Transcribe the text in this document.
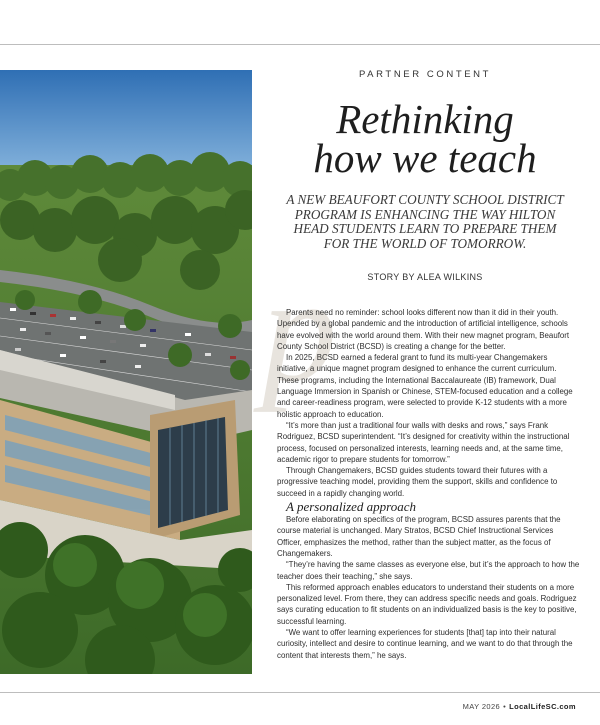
PARTNER CONTENT
Rethinking
how we teach
A NEW BEAUFORT COUNTY SCHOOL DISTRICT PROGRAM IS ENHANCING THE WAY HILTON HEAD STUDENTS LEARN TO PREPARE THEM FOR THE WORLD OF TOMORROW.
STORY BY ALEA WILKINS
p

Parents need no reminder: school looks different now than it did in their youth. Upended by a global pandemic and the introduction of artificial intelligence, schools have evolved with the world around them. With their new magnet program, Beaufort County School District (BCSD) is creating a change for the better.

In 2025, BCSD earned a federal grant to fund its multi-year Changemakers initiative, a unique magnet program designed to enhance the current curriculum. These programs, including the International Baccalaureate (IB) framework, Dual Language Immersion in Spanish or Chinese, STEM-focused education and a college and career-readiness program, were selected to provide K-12 students with a more holistic approach to education.

“It’s more than just a traditional four walls with desks and rows,” says Frank Rodriguez, BCSD superintendent. “It’s designed for creativity within the instructional process, focused on personalized interests, learning needs and, at the same time, academic rigor to prepare students for tomorrow.”

Through Changemakers, BCSD guides students toward their futures with a progressive teaching model, providing them the support, skills and confidence to succeed in a rapidly changing world.

A personalized approach

Before elaborating on specifics of the program, BCSD assures parents that the course material is unchanged. Mary Stratos, BCSD Chief Instructional Services Officer, emphasizes the method, rather than the subject matter, as the focus of Changemakers.

“They’re having the same classes as everyone else, but it’s the approach to how the teacher does their teaching,” she says.

This reformed approach enables educators to understand their students on a more personalized level. From there, they can address specific needs and goals. Rodriguez says curating education to fit students on an individualized basis is the key to positive, successful learning.

“We want to offer learning experiences for students [that] tap into their natural curiosity, intellect and desire to continue learning, and we want to do that through the content that interests them,” he says.

MAY 2026 • LocalLifeSC.com
